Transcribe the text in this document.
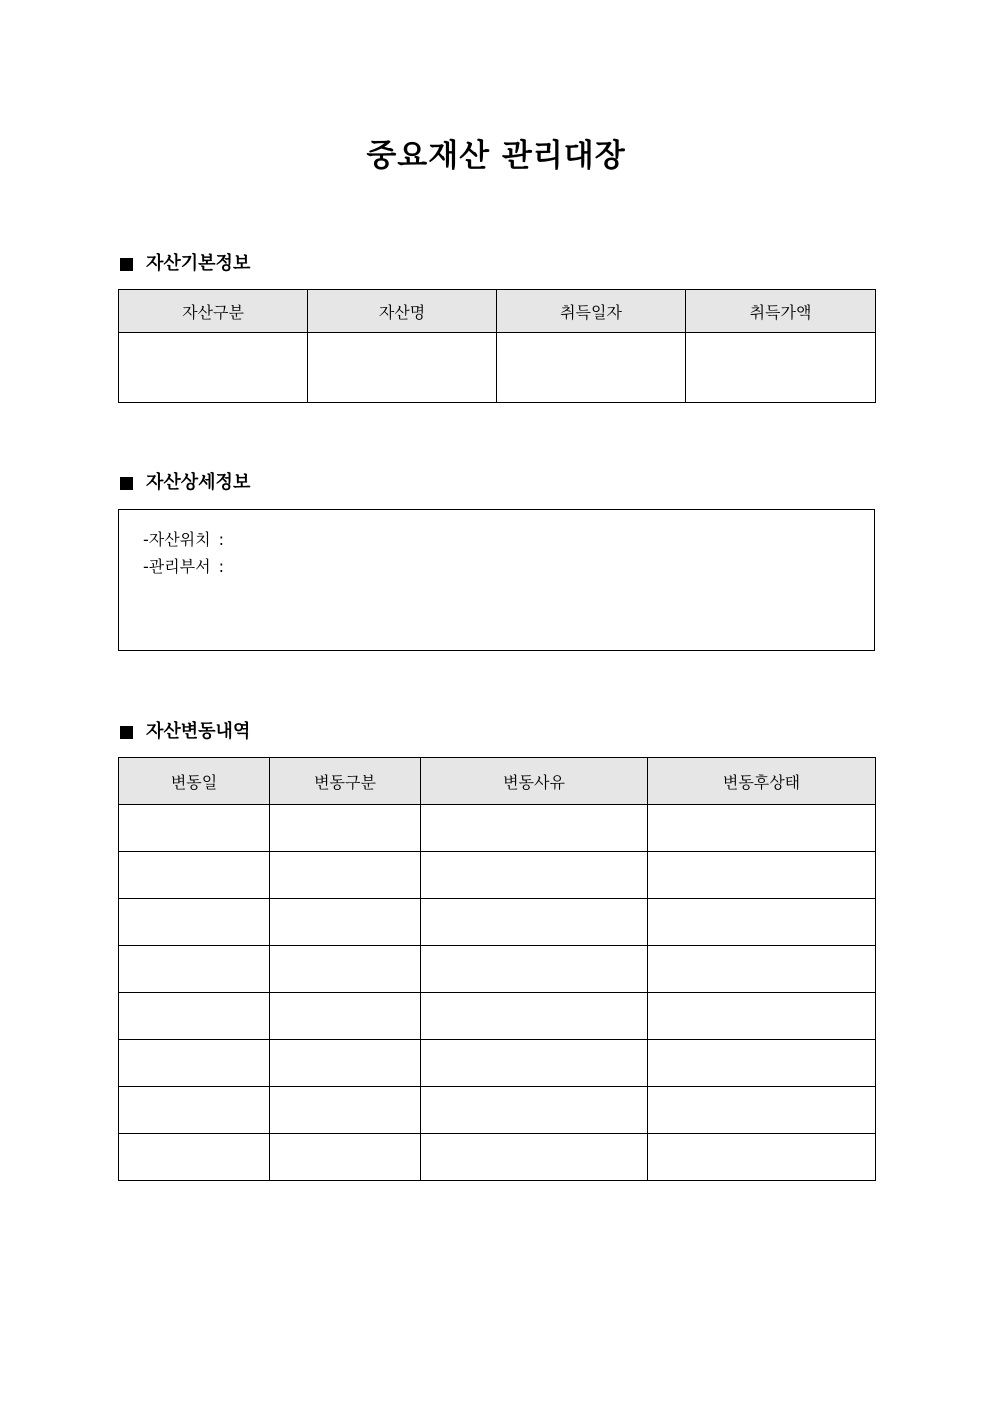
중요재산 관리대장
자산기본정보
자산구분	자산명	취득일자	취득가액

자산상세정보
-자산위치 :
-관리부서 :
자산변동내역
변동일	변동구분	변동사유	변동후상태
